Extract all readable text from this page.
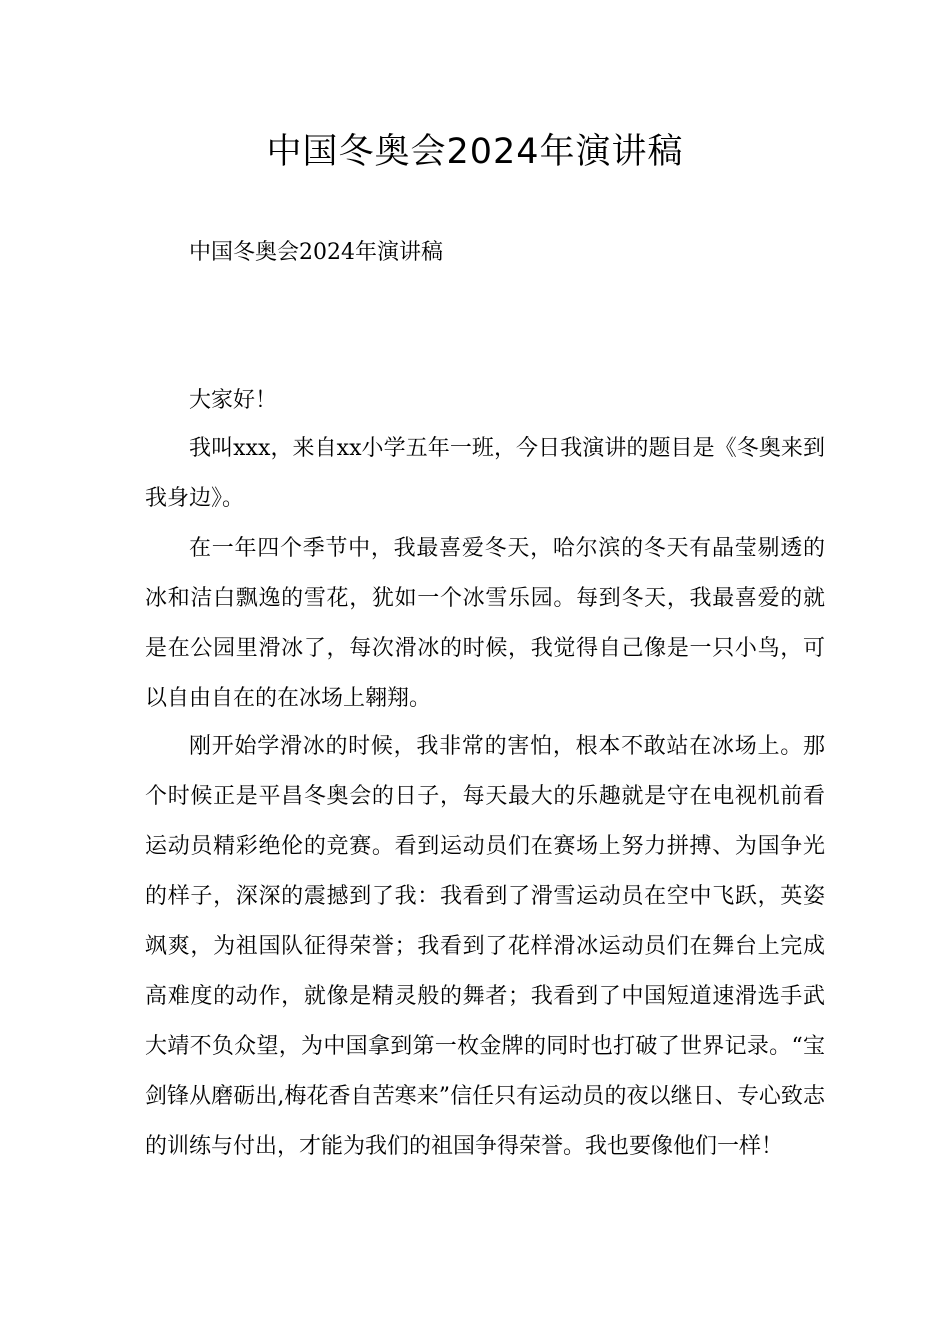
中国冬奥会2024年演讲稿

中国冬奥会2024年演讲稿

大家好！

我叫xxx，来自xx小学五年一班，今日我演讲的题目是《冬奥来到我身边》。

在一年四个季节中，我最喜爱冬天，哈尔滨的冬天有晶莹剔透的冰和洁白飘逸的雪花，犹如一个冰雪乐园。每到冬天，我最喜爱的就是在公园里滑冰了，每次滑冰的时候，我觉得自己像是一只小鸟，可以自由自在的在冰场上翱翔。

刚开始学滑冰的时候，我非常的害怕，根本不敢站在冰场上。那个时候正是平昌冬奥会的日子，每天最大的乐趣就是守在电视机前看运动员精彩绝伦的竞赛。看到运动员们在赛场上努力拼搏、为国争光的样子，深深的震撼到了我：我看到了滑雪运动员在空中飞跃，英姿飒爽，为祖国队征得荣誉；我看到了花样滑冰运动员们在舞台上完成高难度的动作，就像是精灵般的舞者；我看到了中国短道速滑选手武大靖不负众望，为中国拿到第一枚金牌的同时也打破了世界记录。“宝剑锋从磨砺出,梅花香自苦寒来”信任只有运动员的夜以继日、专心致志的训练与付出，才能为我们的祖国争得荣誉。我也要像他们一样！
